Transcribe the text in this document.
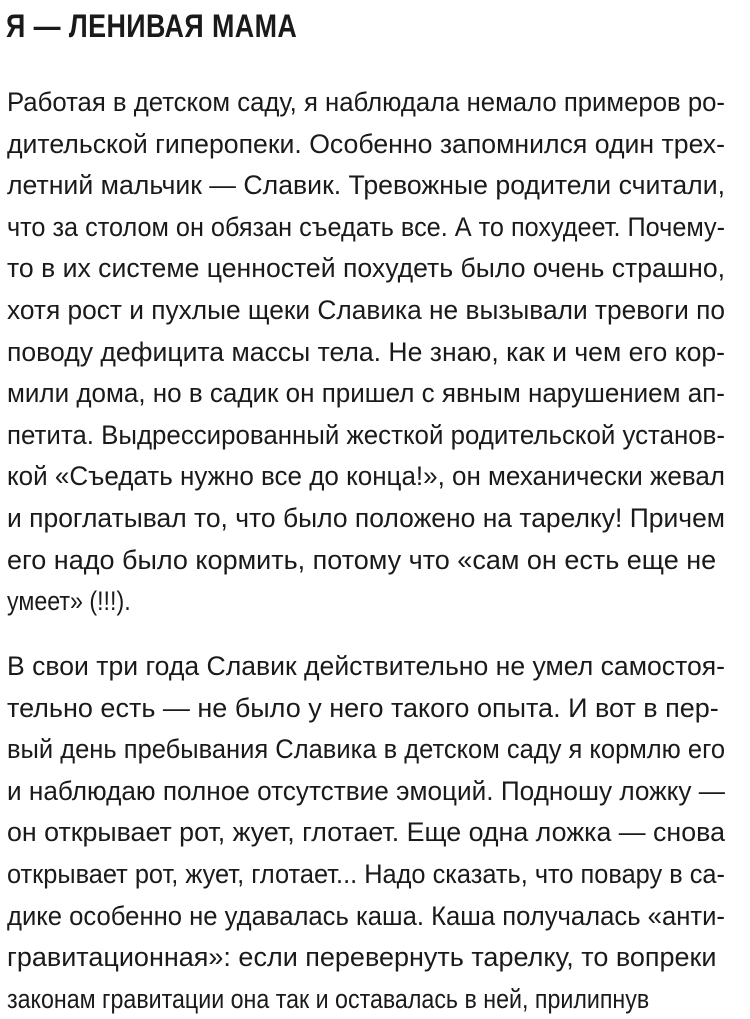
Я — ЛЕНИВАЯ МАМА
Работая в детском саду, я наблюдала немало примеров ро-
дительской гиперопеки. Особенно запомнился один трех-
летний мальчик — Славик. Тревожные родители считали,
что за столом он обязан съедать все. А то похудеет. Почему-
то в их системе ценностей похудеть было очень страшно,
хотя рост и пухлые щеки Славика не вызывали тревоги по
поводу дефицита массы тела. Не знаю, как и чем его кор-
мили дома, но в садик он пришел с явным нарушением ап-
петита. Выдрессированный жесткой родительской установ-
кой «Съедать нужно все до конца!», он механически жевал
и проглатывал то, что было положено на тарелку! Причем
его надо было кормить, потому что «сам он есть еще не
умеет» (!!!).
В свои три года Славик действительно не умел самостоя-
тельно есть — не было у него такого опыта. И вот в пер-
вый день пребывания Славика в детском саду я кормлю его
и наблюдаю полное отсутствие эмоций. Подношу ложку —
он открывает рот, жует, глотает. Еще одна ложка — снова
открывает рот, жует, глотает... Надо сказать, что повару в са-
дике особенно не удавалась каша. Каша получалась «анти-
гравитационная»: если перевернуть тарелку, то вопреки
законам гравитации она так и оставалась в ней, прилипнув
